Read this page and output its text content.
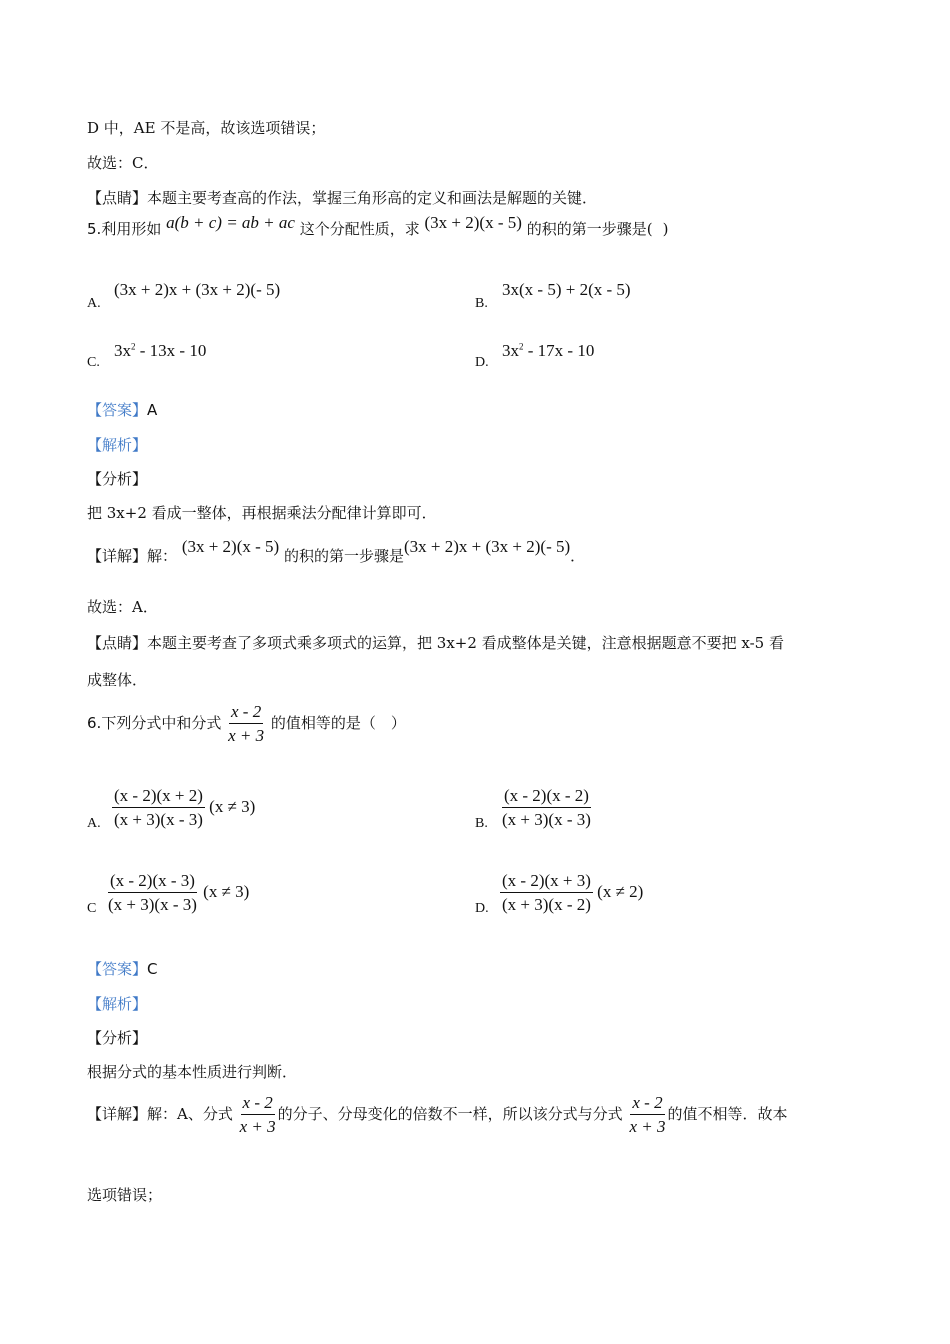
D 中，AE 不是高，故该选项错误；
故选：C．
【点睛】本题主要考查高的作法，掌握三角形高的定义和画法是解题的关键．
5.利用形如 a(b + c) = ab + ac 这个分配性质，求 (3x + 2)(x - 5) 的积的第一步骤是( )
A.
(3x + 2)x + (3x + 2)(- 5)
B.
3x(x - 5) + 2(x - 5)
C.
$3x^2 - 13x - 10$
D.
$3x^2 - 17x - 10$
【答案】A
【解析】
【分析】
把 3x+2 看成一整体，再根据乘法分配律计算即可．
【详解】解： (3x + 2)(x - 5) 的积的第一步骤是(3x + 2)x + (3x + 2)(- 5)．
故选：A．
【点睛】本题主要考查了多项式乘多项式的运算，把 3x+2 看成整体是关键，注意根据题意不要把 x-5 看
成整体．
6.下列分式中和分式 $\frac{x - 2}{x + 3}$ 的值相等的是（　）
A. $\frac{(x - 2)(x + 2)}{(x + 3)(x - 3)} (x \ne 3)$
B. $\frac{(x - 2)(x - 2)}{(x + 3)(x - 3)}$
C $\frac{(x - 2)(x - 3)}{(x + 3)(x - 3)} (x \ne 3)$
D. $\frac{(x - 2)(x + 3)}{(x + 3)(x - 2)} (x \ne 2)$
【答案】C
【解析】
【分析】
根据分式的基本性质进行判断．
【详解】解：A、分式 $\frac{x - 2}{x + 3}$ 的分子、分母变化的倍数不一样，所以该分式与分式 $\frac{x - 2}{x + 3}$ 的值不相等．故本
选项错误；
